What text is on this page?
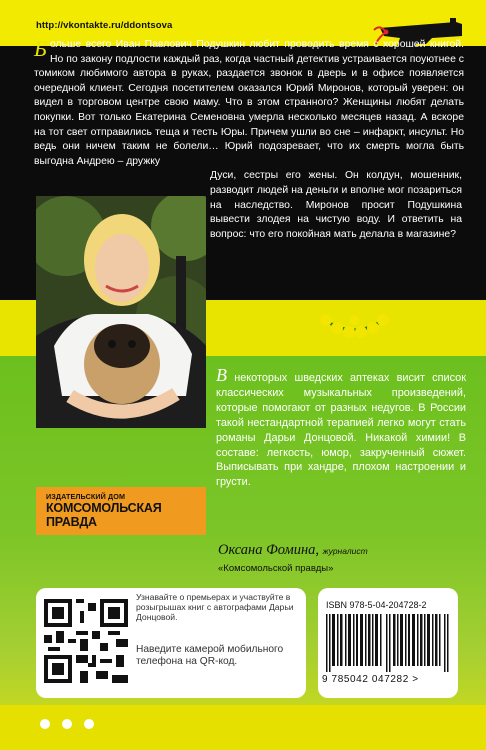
http://vkontakte.ru/ddontsova
Б ольше всего Иван Павлович Подушкин любит проводить время с хорошей книгой. Но по закону подлости каждый раз, когда частный детектив устраивается поуютнее с томиком любимого автора в руках, раздается звонок в дверь и в офисе появляется очередной клиент. Сегодня посетителем оказался Юрий Миронов, который уверен: он видел в торговом центре свою маму. Что в этом странного? Женщины любят делать покупки. Вот только Екатерина Семеновна умерла несколько месяцев назад. А вскоре на тот свет отправились теща и тесть Юры. Причем ушли во сне – инфаркт, инсульт. Но ведь они ничем таким не болели… Юрий подозревает, что их смерть могла быть выгодна Андрею – дружку
Дуси, сестры его жены. Он колдун, мошенник, разводит людей на деньги и вполне мог позариться на наследство. Миронов просит Подушкина вывести злодея на чистую воду. И ответить на вопрос: что его покойная мать делала в магазине?
В некоторых шведских аптеках висит список классических музыкальных произведений, которые помогают от разных недугов. В России такой нестандартной терапией легко могут стать романы Дарьи Донцовой. Никакой химии! В составе: легкость, юмор, закрученный сюжет. Выписывать при хандре, плохом настроении и грусти.
Оксана Фомина, журналист
«Комсомольской правды»
ИЗДАТЕЛЬСКИЙ ДОМ
КОМСОМОЛЬСКАЯ
ПРАВДА
Узнавайте о премьерах и участвуйте в розыгрышах книг с автографами Дарьи Донцовой.
Наведите камерой мобильного телефона на QR-код.
ISBN 978-5-04-204728-2
9 785042 047282 >
